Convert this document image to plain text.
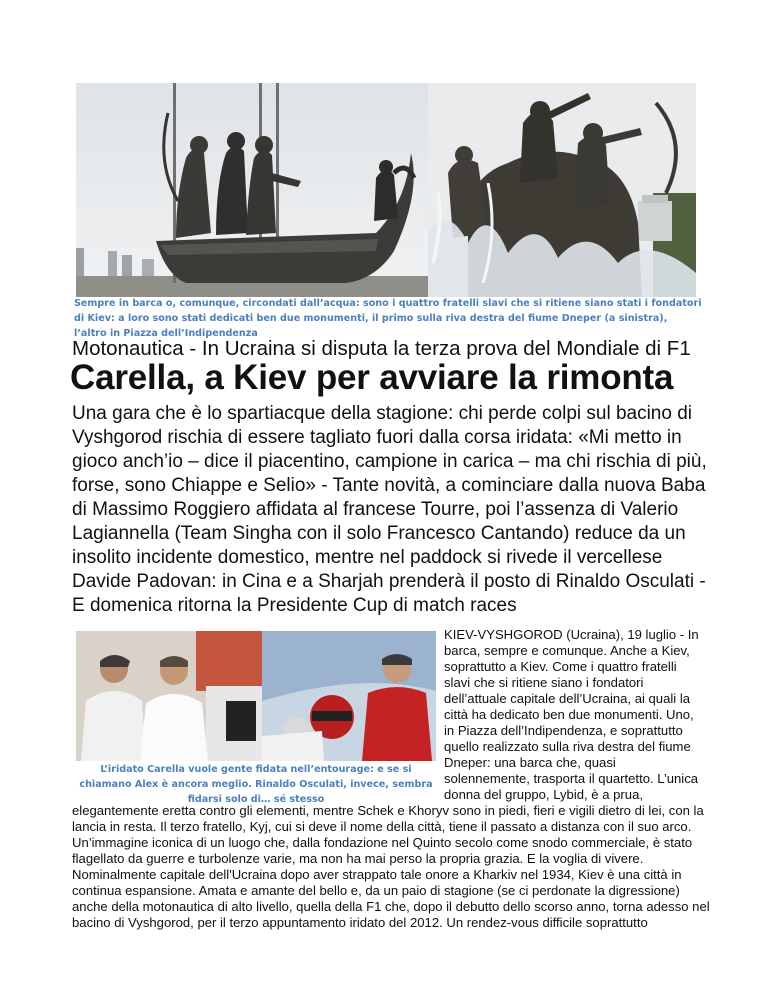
Sempre in barca o, comunque, circondati dall’acqua: sono i quattro fratelli slavi che si ritiene siano stati i fondatori di Kiev: a loro sono stati dedicati ben due monumenti, il primo sulla riva destra del fiume Dneper (a sinistra), l’altro in Piazza dell’Indipendenza
Motonautica - In Ucraina si disputa la terza prova del Mondiale di F1
Carella, a Kiev per avviare la rimonta
Una gara che è lo spartiacque della stagione: chi perde colpi sul bacino di Vyshgorod rischia di essere tagliato fuori dalla corsa iridata: «Mi metto in gioco anch’io – dice il piacentino, campione in carica – ma chi rischia di più, forse, sono Chiappe e Selio» - Tante novità, a cominciare dalla nuova Baba di Massimo Roggiero affidata al francese Tourre, poi l’assenza di Valerio Lagiannella (Team Singha con il solo Francesco Cantando) reduce da un insolito incidente domestico, mentre nel paddock si rivede il vercellese Davide Padovan: in Cina e a Sharjah prenderà il posto di Rinaldo Osculati - E domenica ritorna la Presidente Cup di match races
1
L’iridato Carella vuole gente fidata nell’entourage: e se si chiamano Alex è ancora meglio. Rinaldo Osculati, invece, sembra fidarsi solo di… sé stesso
KIEV-VYSHGOROD (Ucraina), 19 luglio - In barca, sempre e comunque. Anche a Kiev, soprattutto a Kiev. Come i quattro fratelli slavi che si ritiene siano i fondatori dell’attuale capitale dell’Ucraina, ai quali la città ha dedicato ben due monumenti. Uno, in Piazza dell’Indipendenza, e soprattutto quello realizzato sulla riva destra del fiume Dneper: una barca che, quasi solennemente, trasporta il quartetto. L’unica donna del gruppo, Lybid, è a prua,
elegantemente eretta contro gli elementi, mentre Schek e Khoryv sono in piedi, fieri e vigili dietro di lei, con la lancia in resta. Il terzo fratello, Kyj, cui si deve il nome della città, tiene il passato a distanza con il suo arco. Un’immagine iconica di un luogo che, dalla fondazione nel Quinto secolo come snodo commerciale, è stato flagellato da guerre e turbolenze varie, ma non ha mai perso la propria grazia. E la voglia di vivere. Nominalmente capitale dell'Ucraina dopo aver strappato tale onore a Kharkiv nel 1934, Kiev è una città in continua espansione. Amata e amante del bello e, da un paio di stagione (se ci perdonate la digressione) anche della motonautica di alto livello, quella della F1 che, dopo il debutto dello scorso anno, torna adesso nel bacino di Vyshgorod, per il terzo appuntamento iridato del 2012. Un rendez-vous difficile soprattutto
